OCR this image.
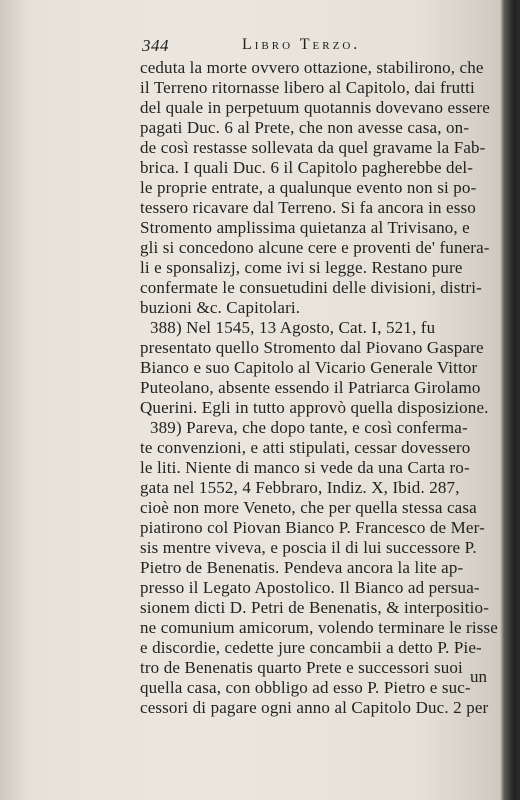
344	Libro Terzo.
ceduta la morte ovvero ottazione, stabilirono, che
il Terreno ritornasse libero al Capitolo, dai frutti
del quale in perpetuum quotannis dovevano essere
pagati Duc. 6 al Prete, che non avesse casa, on-
de così restasse sollevata da quel gravame la Fab-
brica. I quali Duc. 6 il Capitolo pagherebbe del-
le proprie entrate, a qualunque evento non si po-
tessero ricavare dal Terreno. Si fa ancora in esso
Stromento amplissima quietanza al Trivisano, e
gli si concedono alcune cere e proventi de' funera-
li e sponsalizj, come ivi si legge. Restano pure
confermate le consuetudini delle divisioni, distri-
buzioni &c. Capitolari.
388) Nel 1545, 13 Agosto, Cat. I, 521, fu
presentato quello Stromento dal Piovano Gaspare
Bianco e suo Capitolo al Vicario Generale Vittor
Puteolano, absente essendo il Patriarca Girolamo
Querini. Egli in tutto approvò quella disposizione.
389) Pareva, che dopo tante, e così conferma-
te convenzioni, e atti stipulati, cessar dovessero
le liti. Niente di manco si vede da una Carta ro-
gata nel 1552, 4 Febbraro, Indiz. X, Ibid. 287,
cioè non more Veneto, che per quella stessa casa
piatirono col Piovan Bianco P. Francesco de Mer-
sis mentre viveva, e poscia il di lui successore P.
Pietro de Benenatis. Pendeva ancora la lite ap-
presso il Legato Apostolico. Il Bianco ad persua-
sionem dicti D. Petri de Benenatis, & interpositio-
ne comunium amicorum, volendo terminare le risse
e discordie, cedette jure concambii a detto P. Pie-
tro de Benenatis quarto Prete e successori suoi
quella casa, con obbligo ad esso P. Pietro e suc-
cessori di pagare ogni anno al Capitolo Duc. 2 per
un
